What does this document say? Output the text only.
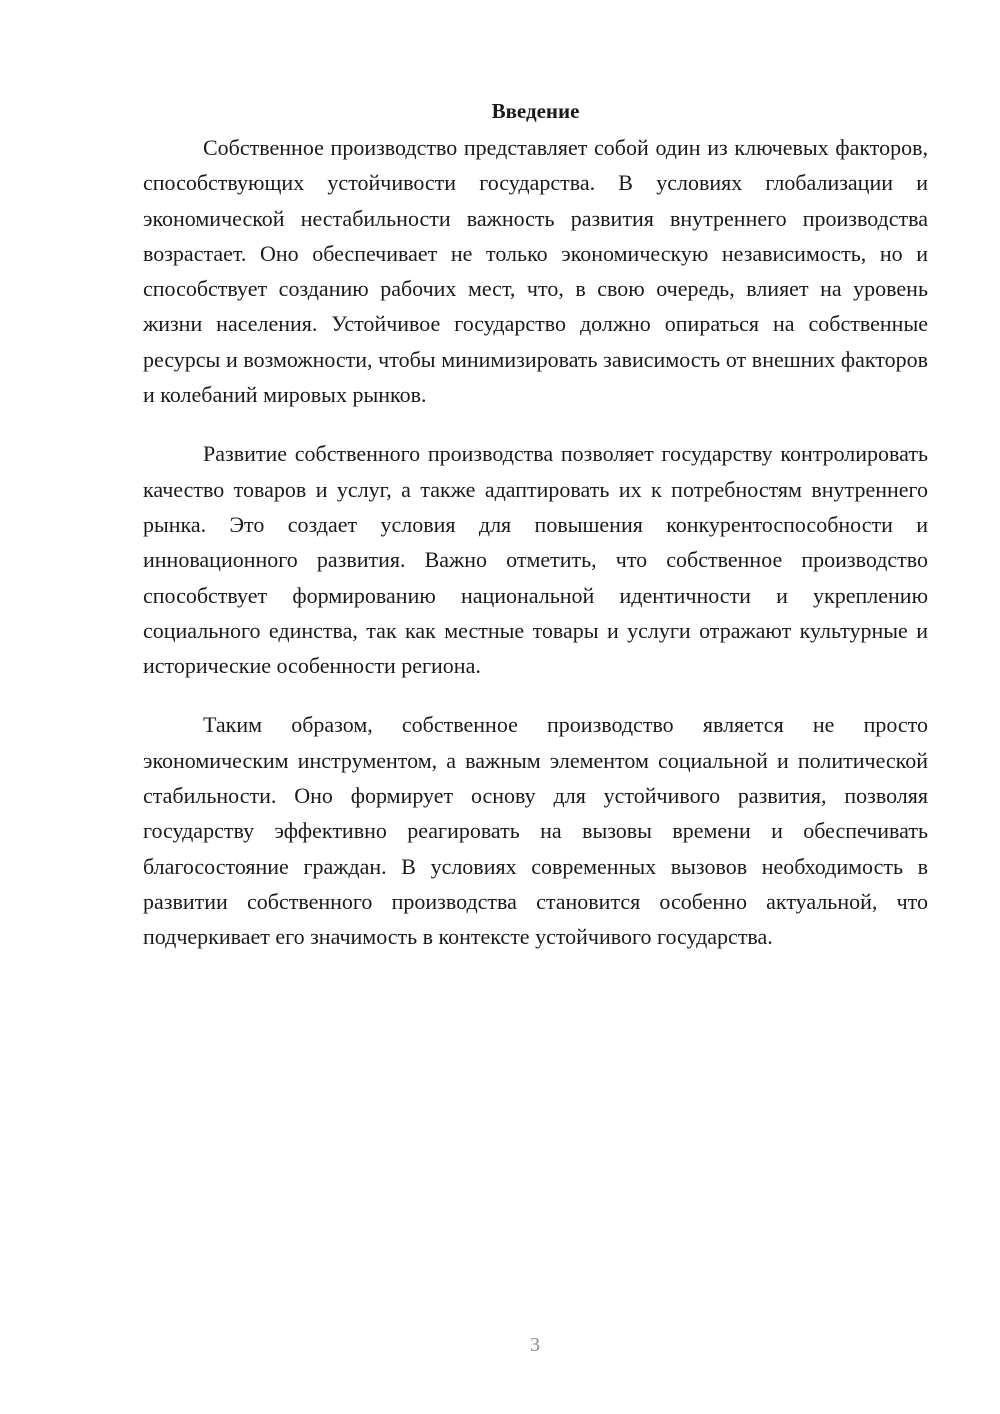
Введение

Собственное производство представляет собой один из ключевых факторов, способствующих устойчивости государства. В условиях глобализации и экономической нестабильности важность развития внутреннего производства возрастает. Оно обеспечивает не только экономическую независимость, но и способствует созданию рабочих мест, что, в свою очередь, влияет на уровень жизни населения. Устойчивое государство должно опираться на собственные ресурсы и возможности, чтобы минимизировать зависимость от внешних факторов и колебаний мировых рынков.

Развитие собственного производства позволяет государству контролировать качество товаров и услуг, а также адаптировать их к потребностям внутреннего рынка. Это создает условия для повышения конкурентоспособности и инновационного развития. Важно отметить, что собственное производство способствует формированию национальной идентичности и укреплению социального единства, так как местные товары и услуги отражают культурные и исторические особенности региона.

Таким образом, собственное производство является не просто экономическим инструментом, а важным элементом социальной и политической стабильности. Оно формирует основу для устойчивого развития, позволяя государству эффективно реагировать на вызовы времени и обеспечивать благосостояние граждан. В условиях современных вызовов необходимость в развитии собственного производства становится особенно актуальной, что подчеркивает его значимость в контексте устойчивого государства.

3
